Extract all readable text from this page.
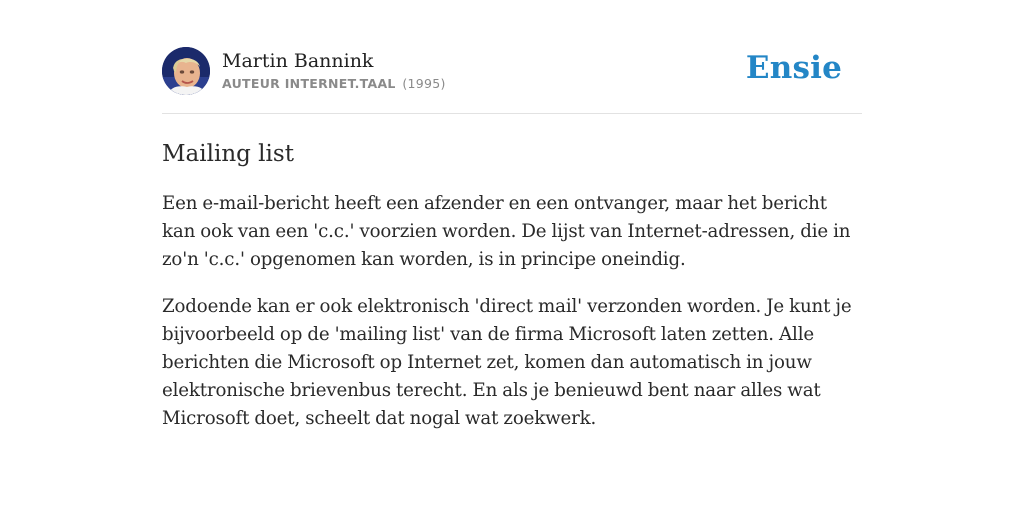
Martin Bannink
AUTEUR INTERNET.TAAL (1995)	Ensie
Mailing list

Een e-mail-bericht heeft een afzender en een ontvanger, maar het bericht kan ook van een 'c.c.' voorzien worden. De lijst van Internet-adressen, die in zo'n 'c.c.' opgenomen kan worden, is in principe oneindig.

Zodoende kan er ook elektronisch 'direct mail' verzonden worden. Je kunt je bijvoorbeeld op de 'mailing list' van de firma Microsoft laten zetten. Alle berichten die Microsoft op Internet zet, komen dan automatisch in jouw elektronische brievenbus terecht. En als je benieuwd bent naar alles wat Microsoft doet, scheelt dat nogal wat zoekwerk.
